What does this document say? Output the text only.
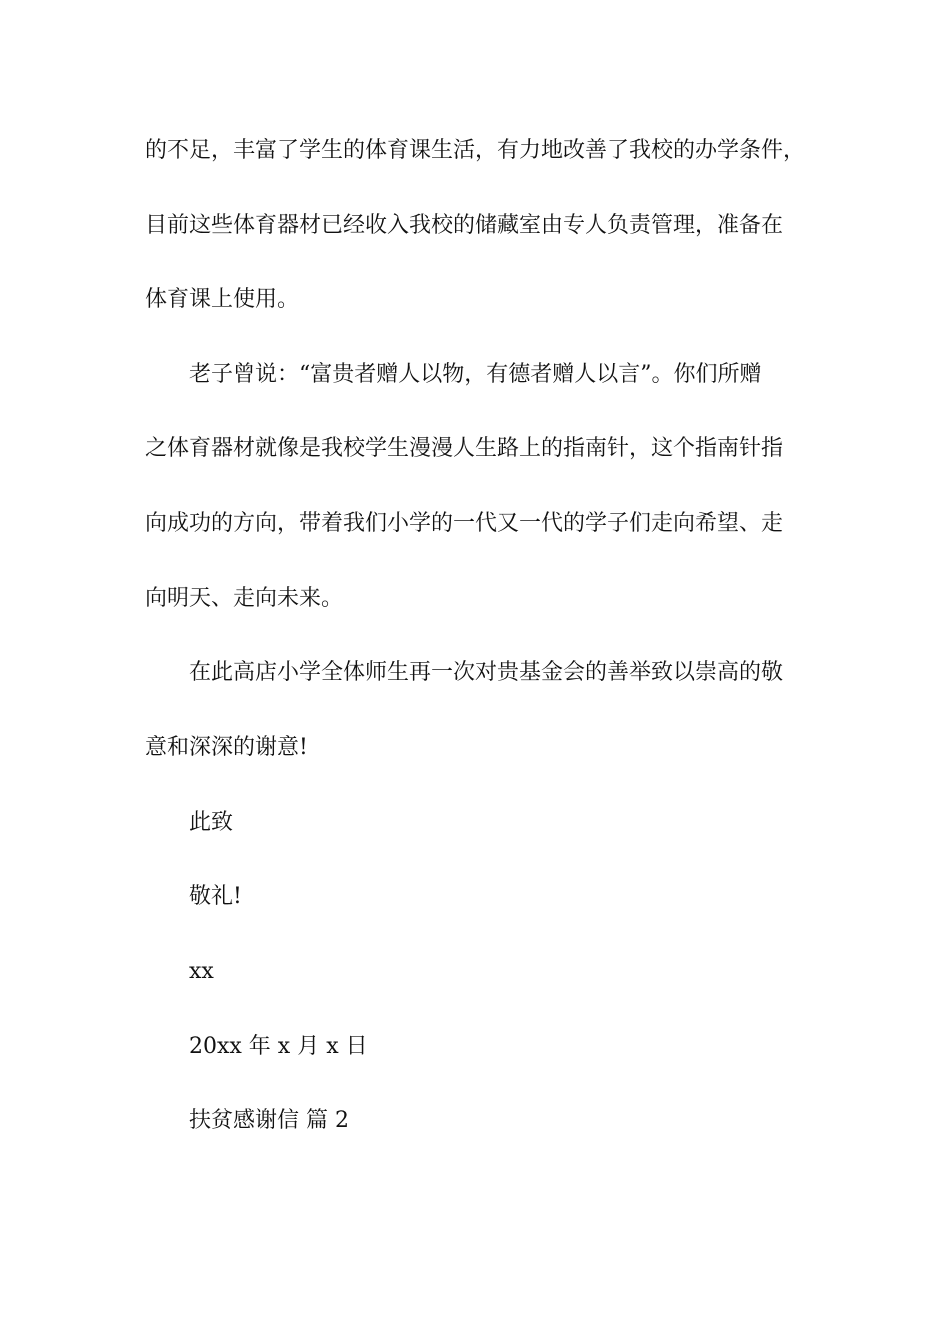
的不足，丰富了学生的体育课生活，有力地改善了我校的办学条件，
目前这些体育器材已经收入我校的储藏室由专人负责管理，准备在
体育课上使用。
老子曾说：“富贵者赠人以物，有德者赠人以言”。你们所赠
之体育器材就像是我校学生漫漫人生路上的指南针，这个指南针指
向成功的方向，带着我们小学的一代又一代的学子们走向希望、走
向明天、走向未来。
在此高店小学全体师生再一次对贵基金会的善举致以崇高的敬
意和深深的谢意!
此致
敬礼!
xx
20xx 年 x 月 x 日
扶贫感谢信 篇 2
